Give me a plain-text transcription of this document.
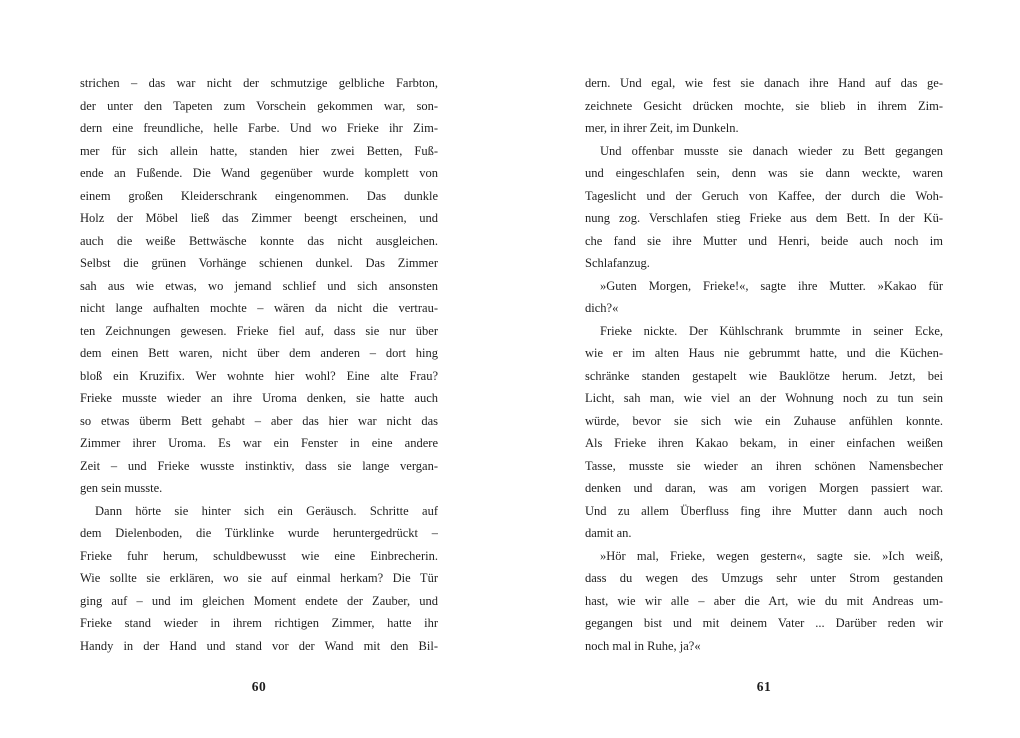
strichen – das war nicht der schmutzige gelbliche Farbton,
der unter den Tapeten zum Vorschein gekommen war, son-
dern eine freundliche, helle Farbe. Und wo Frieke ihr Zim-
mer für sich allein hatte, standen hier zwei Betten, Fuß-
ende an Fußende. Die Wand gegenüber wurde komplett von
einem großen Kleiderschrank eingenommen. Das dunkle
Holz der Möbel ließ das Zimmer beengt erscheinen, und
auch die weiße Bettwäsche konnte das nicht ausgleichen.
Selbst die grünen Vorhänge schienen dunkel. Das Zimmer
sah aus wie etwas, wo jemand schlief und sich ansonsten
nicht lange aufhalten mochte – wären da nicht die vertrau-
ten Zeichnungen gewesen. Frieke fiel auf, dass sie nur über
dem einen Bett waren, nicht über dem anderen – dort hing
bloß ein Kruzifix. Wer wohnte hier wohl? Eine alte Frau?
Frieke musste wieder an ihre Uroma denken, sie hatte auch
so etwas überm Bett gehabt – aber das hier war nicht das
Zimmer ihrer Uroma. Es war ein Fenster in eine andere
Zeit – und Frieke wusste instinktiv, dass sie lange vergan-
gen sein musste.
Dann hörte sie hinter sich ein Geräusch. Schritte auf
dem Dielenboden, die Türklinke wurde heruntergedrückt –
Frieke fuhr herum, schuldbewusst wie eine Einbrecherin.
Wie sollte sie erklären, wo sie auf einmal herkam? Die Tür
ging auf – und im gleichen Moment endete der Zauber, und
Frieke stand wieder in ihrem richtigen Zimmer, hatte ihr
Handy in der Hand und stand vor der Wand mit den Bil-
dern. Und egal, wie fest sie danach ihre Hand auf das ge-
zeichnete Gesicht drücken mochte, sie blieb in ihrem Zim-
mer, in ihrer Zeit, im Dunkeln.
Und offenbar musste sie danach wieder zu Bett gegangen
und eingeschlafen sein, denn was sie dann weckte, waren
Tageslicht und der Geruch von Kaffee, der durch die Woh-
nung zog. Verschlafen stieg Frieke aus dem Bett. In der Kü-
che fand sie ihre Mutter und Henri, beide auch noch im
Schlafanzug.
»Guten Morgen, Frieke!«, sagte ihre Mutter. »Kakao für
dich?«
Frieke nickte. Der Kühlschrank brummte in seiner Ecke,
wie er im alten Haus nie gebrummt hatte, und die Küchen-
schränke standen gestapelt wie Bauklötze herum. Jetzt, bei
Licht, sah man, wie viel an der Wohnung noch zu tun sein
würde, bevor sie sich wie ein Zuhause anfühlen konnte.
Als Frieke ihren Kakao bekam, in einer einfachen weißen
Tasse, musste sie wieder an ihren schönen Namensbecher
denken und daran, was am vorigen Morgen passiert war.
Und zu allem Überfluss fing ihre Mutter dann auch noch
damit an.
»Hör mal, Frieke, wegen gestern«, sagte sie. »Ich weiß,
dass du wegen des Umzugs sehr unter Strom gestanden
hast, wie wir alle – aber die Art, wie du mit Andreas um-
gegangen bist und mit deinem Vater ... Darüber reden wir
noch mal in Ruhe, ja?«
60	61
